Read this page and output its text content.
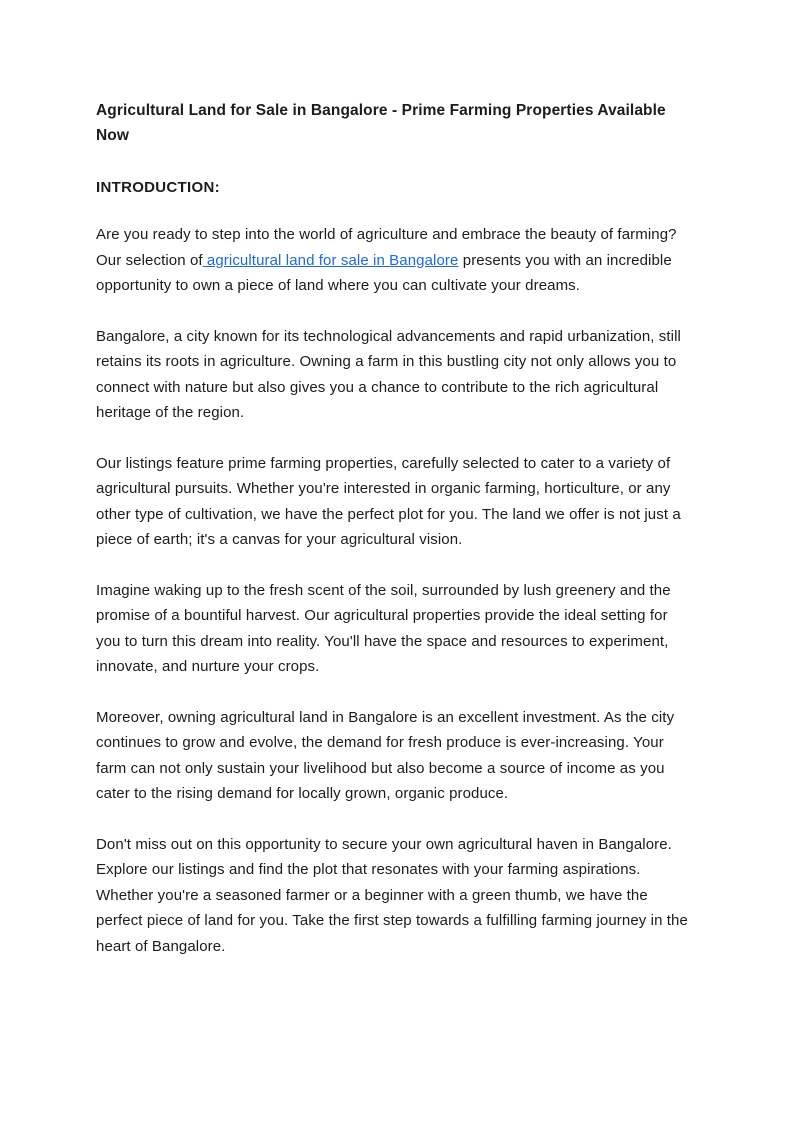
Agricultural Land for Sale in Bangalore - Prime Farming Properties Available Now
INTRODUCTION:

Are you ready to step into the world of agriculture and embrace the beauty of farming? Our selection of agricultural land for sale in Bangalore presents you with an incredible opportunity to own a piece of land where you can cultivate your dreams.

Bangalore, a city known for its technological advancements and rapid urbanization, still retains its roots in agriculture. Owning a farm in this bustling city not only allows you to connect with nature but also gives you a chance to contribute to the rich agricultural heritage of the region.

Our listings feature prime farming properties, carefully selected to cater to a variety of agricultural pursuits. Whether you're interested in organic farming, horticulture, or any other type of cultivation, we have the perfect plot for you. The land we offer is not just a piece of earth; it's a canvas for your agricultural vision.

Imagine waking up to the fresh scent of the soil, surrounded by lush greenery and the promise of a bountiful harvest. Our agricultural properties provide the ideal setting for you to turn this dream into reality. You'll have the space and resources to experiment, innovate, and nurture your crops.

Moreover, owning agricultural land in Bangalore is an excellent investment. As the city continues to grow and evolve, the demand for fresh produce is ever-increasing. Your farm can not only sustain your livelihood but also become a source of income as you cater to the rising demand for locally grown, organic produce.

Don't miss out on this opportunity to secure your own agricultural haven in Bangalore. Explore our listings and find the plot that resonates with your farming aspirations. Whether you're a seasoned farmer or a beginner with a green thumb, we have the perfect piece of land for you. Take the first step towards a fulfilling farming journey in the heart of Bangalore.
